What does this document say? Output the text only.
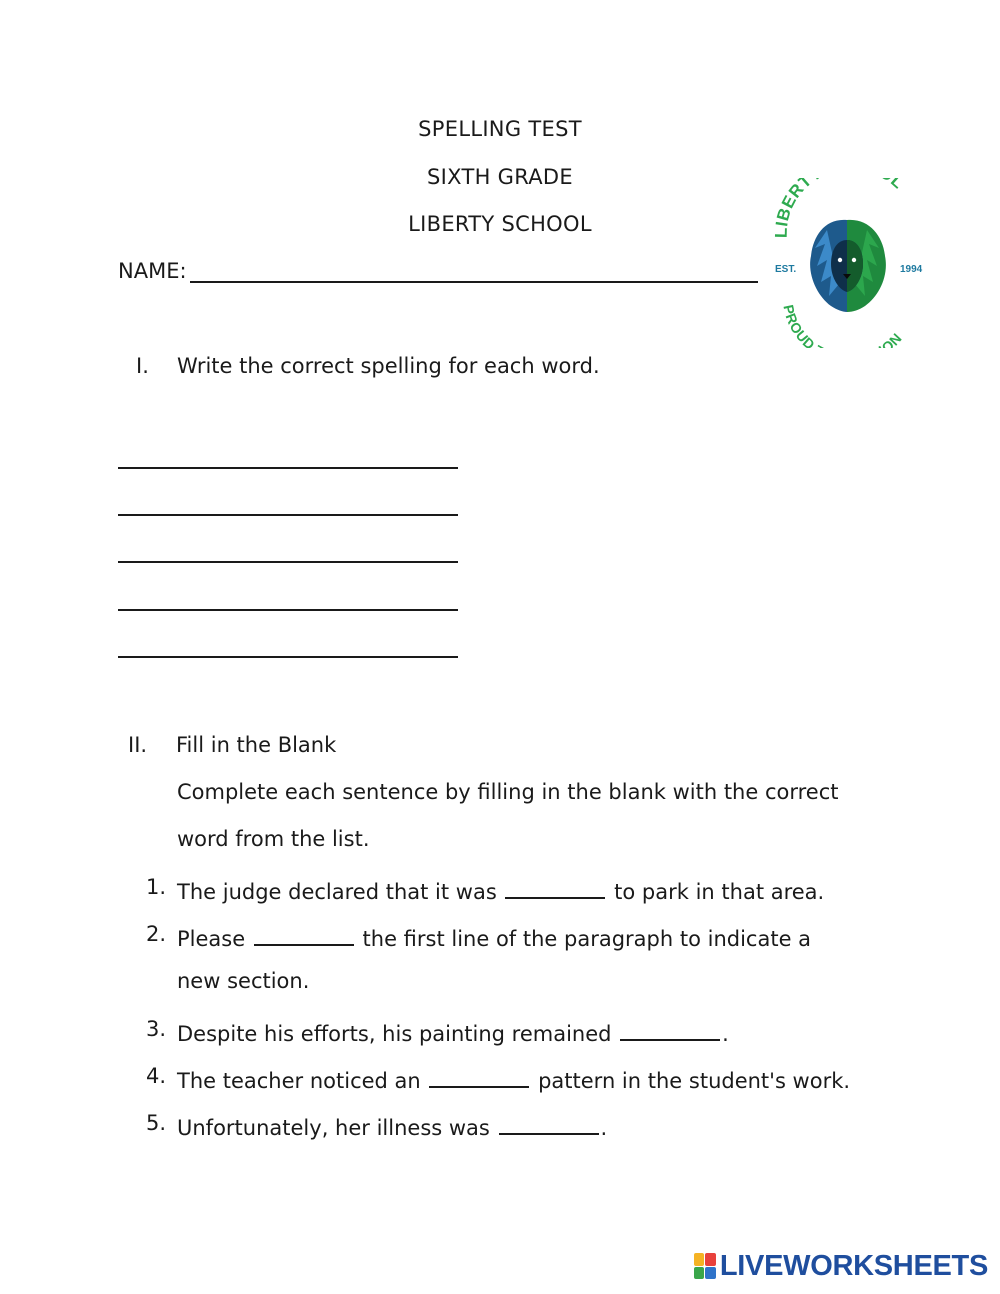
SPELLING TEST
SIXTH GRADE
LIBERTY SCHOOL
NAME:
LIBERT L
PROUD ON
EST.	1994
I. Write the correct spelling for each word.
II. Fill in the Blank
Complete each sentence by filling in the blank with the correct
word from the list.
1. The judge declared that it was	to park in that area.
2. Please	the first line of the paragraph to indicate a
new section.
3. Despite his efforts, his painting remained	.
4. The teacher noticed an	pattern in the student's work.
5. Unfortunately, her illness was	.
LIVEWORKSHEETS
